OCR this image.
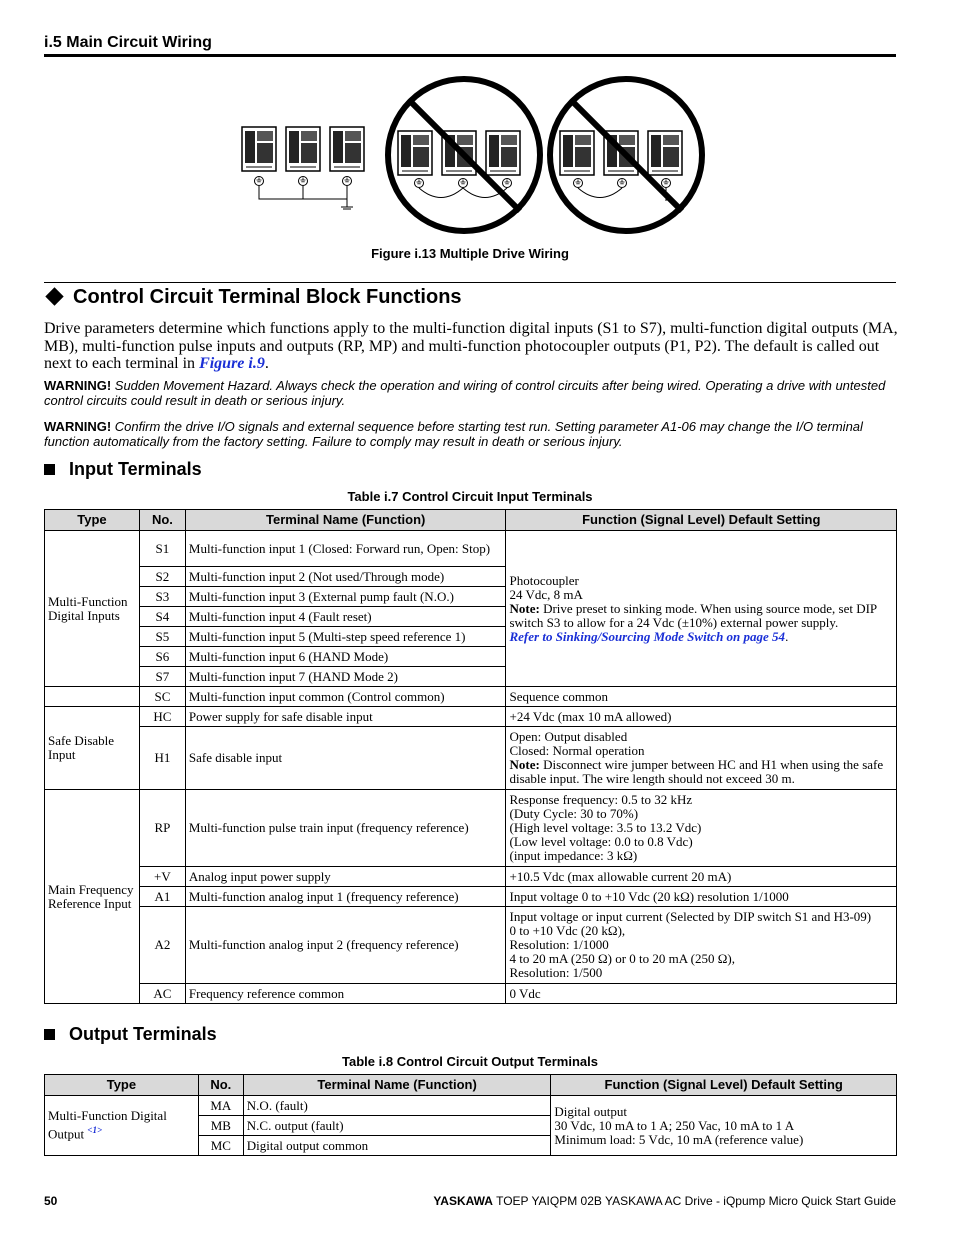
i.5 Main Circuit Wiring
Figure i.13 Multiple Drive Wiring
Control Circuit Terminal Block Functions
Drive parameters determine which functions apply to the multi-function digital inputs (S1 to S7), multi-function digital outputs (MA, MB), multi-function pulse inputs and outputs (RP, MP) and multi-function photocoupler outputs (P1, P2). The default is called out next to each terminal in Figure i.9.
WARNING! Sudden Movement Hazard. Always check the operation and wiring of control circuits after being wired. Operating a drive with untested control circuits could result in death or serious injury.
WARNING! Confirm the drive I/O signals and external sequence before starting test run. Setting parameter A1-06 may change the I/O terminal function automatically from the factory setting. Failure to comply may result in death or serious injury.
Input Terminals
Table i.7 Control Circuit Input Terminals
Type	No.	Terminal Name (Function)	Function (Signal Level) Default Setting
Multi-Function Digital Inputs	S1	Multi-function input 1 (Closed: Forward run, Open: Stop)	Photocoupler
24 Vdc, 8 mA
Note: Drive preset to sinking mode. When using source mode, set DIP switch S3 to allow for a 24 Vdc (±10%) external power supply.
Refer to Sinking/Sourcing Mode Switch on page 54.

	S2	Multi-function input 2 (Not used/Through mode)	
	S3	Multi-function input 3 (External pump fault (N.O.)	
	S4	Multi-function input 4 (Fault reset)	
	S5	Multi-function input 5 (Multi-step speed reference 1)	
	S6	Multi-function input 6 (HAND Mode)	
	S7	Multi-function input 7 (HAND Mode 2)	
	SC	Multi-function input common (Control common)	Sequence common
Safe Disable Input	HC	Power supply for safe disable input	+24 Vdc (max 10 mA allowed)
	H1	Safe disable input	Open: Output disabled
Closed: Normal operation
Note: Disconnect wire jumper between HC and H1 when using the safe disable input. The wire length should not exceed 30 m.

Main Frequency Reference Input	RP	Multi-function pulse train input (frequency reference)	Response frequency: 0.5 to 32 kHz
(Duty Cycle: 30 to 70%)
(High level voltage: 3.5 to 13.2 Vdc)
(Low level voltage: 0.0 to 0.8 Vdc)
(input impedance: 3 kΩ)

	+V	Analog input power supply	+10.5 Vdc (max allowable current 20 mA)
	A1	Multi-function analog input 1 (frequency reference)	Input voltage 0 to +10 Vdc (20 kΩ) resolution 1/1000
	A2	Multi-function analog input 2 (frequency reference)	Input voltage or input current (Selected by DIP switch S1 and H3-09)
0 to +10 Vdc (20 kΩ),
Resolution: 1/1000
4 to 20 mA (250 Ω) or 0 to 20 mA (250 Ω),
Resolution: 1/500

	AC	Frequency reference common	0 Vdc
Output Terminals
Table i.8 Control Circuit Output Terminals
Type	No.	Terminal Name (Function)	Function (Signal Level) Default Setting
Multi-Function Digital Output $^{<1>}$	MA	N.O. (fault)	Digital output
30 Vdc, 10 mA to 1 A; 250 Vac, 10 mA to 1 A
Minimum load: 5 Vdc, 10 mA (reference value)

	MB	N.C. output (fault)	
	MC	Digital output common	
50	YASKAWA TOEP YAIQPM 02B YASKAWA AC Drive - iQpump Micro Quick Start Guide
